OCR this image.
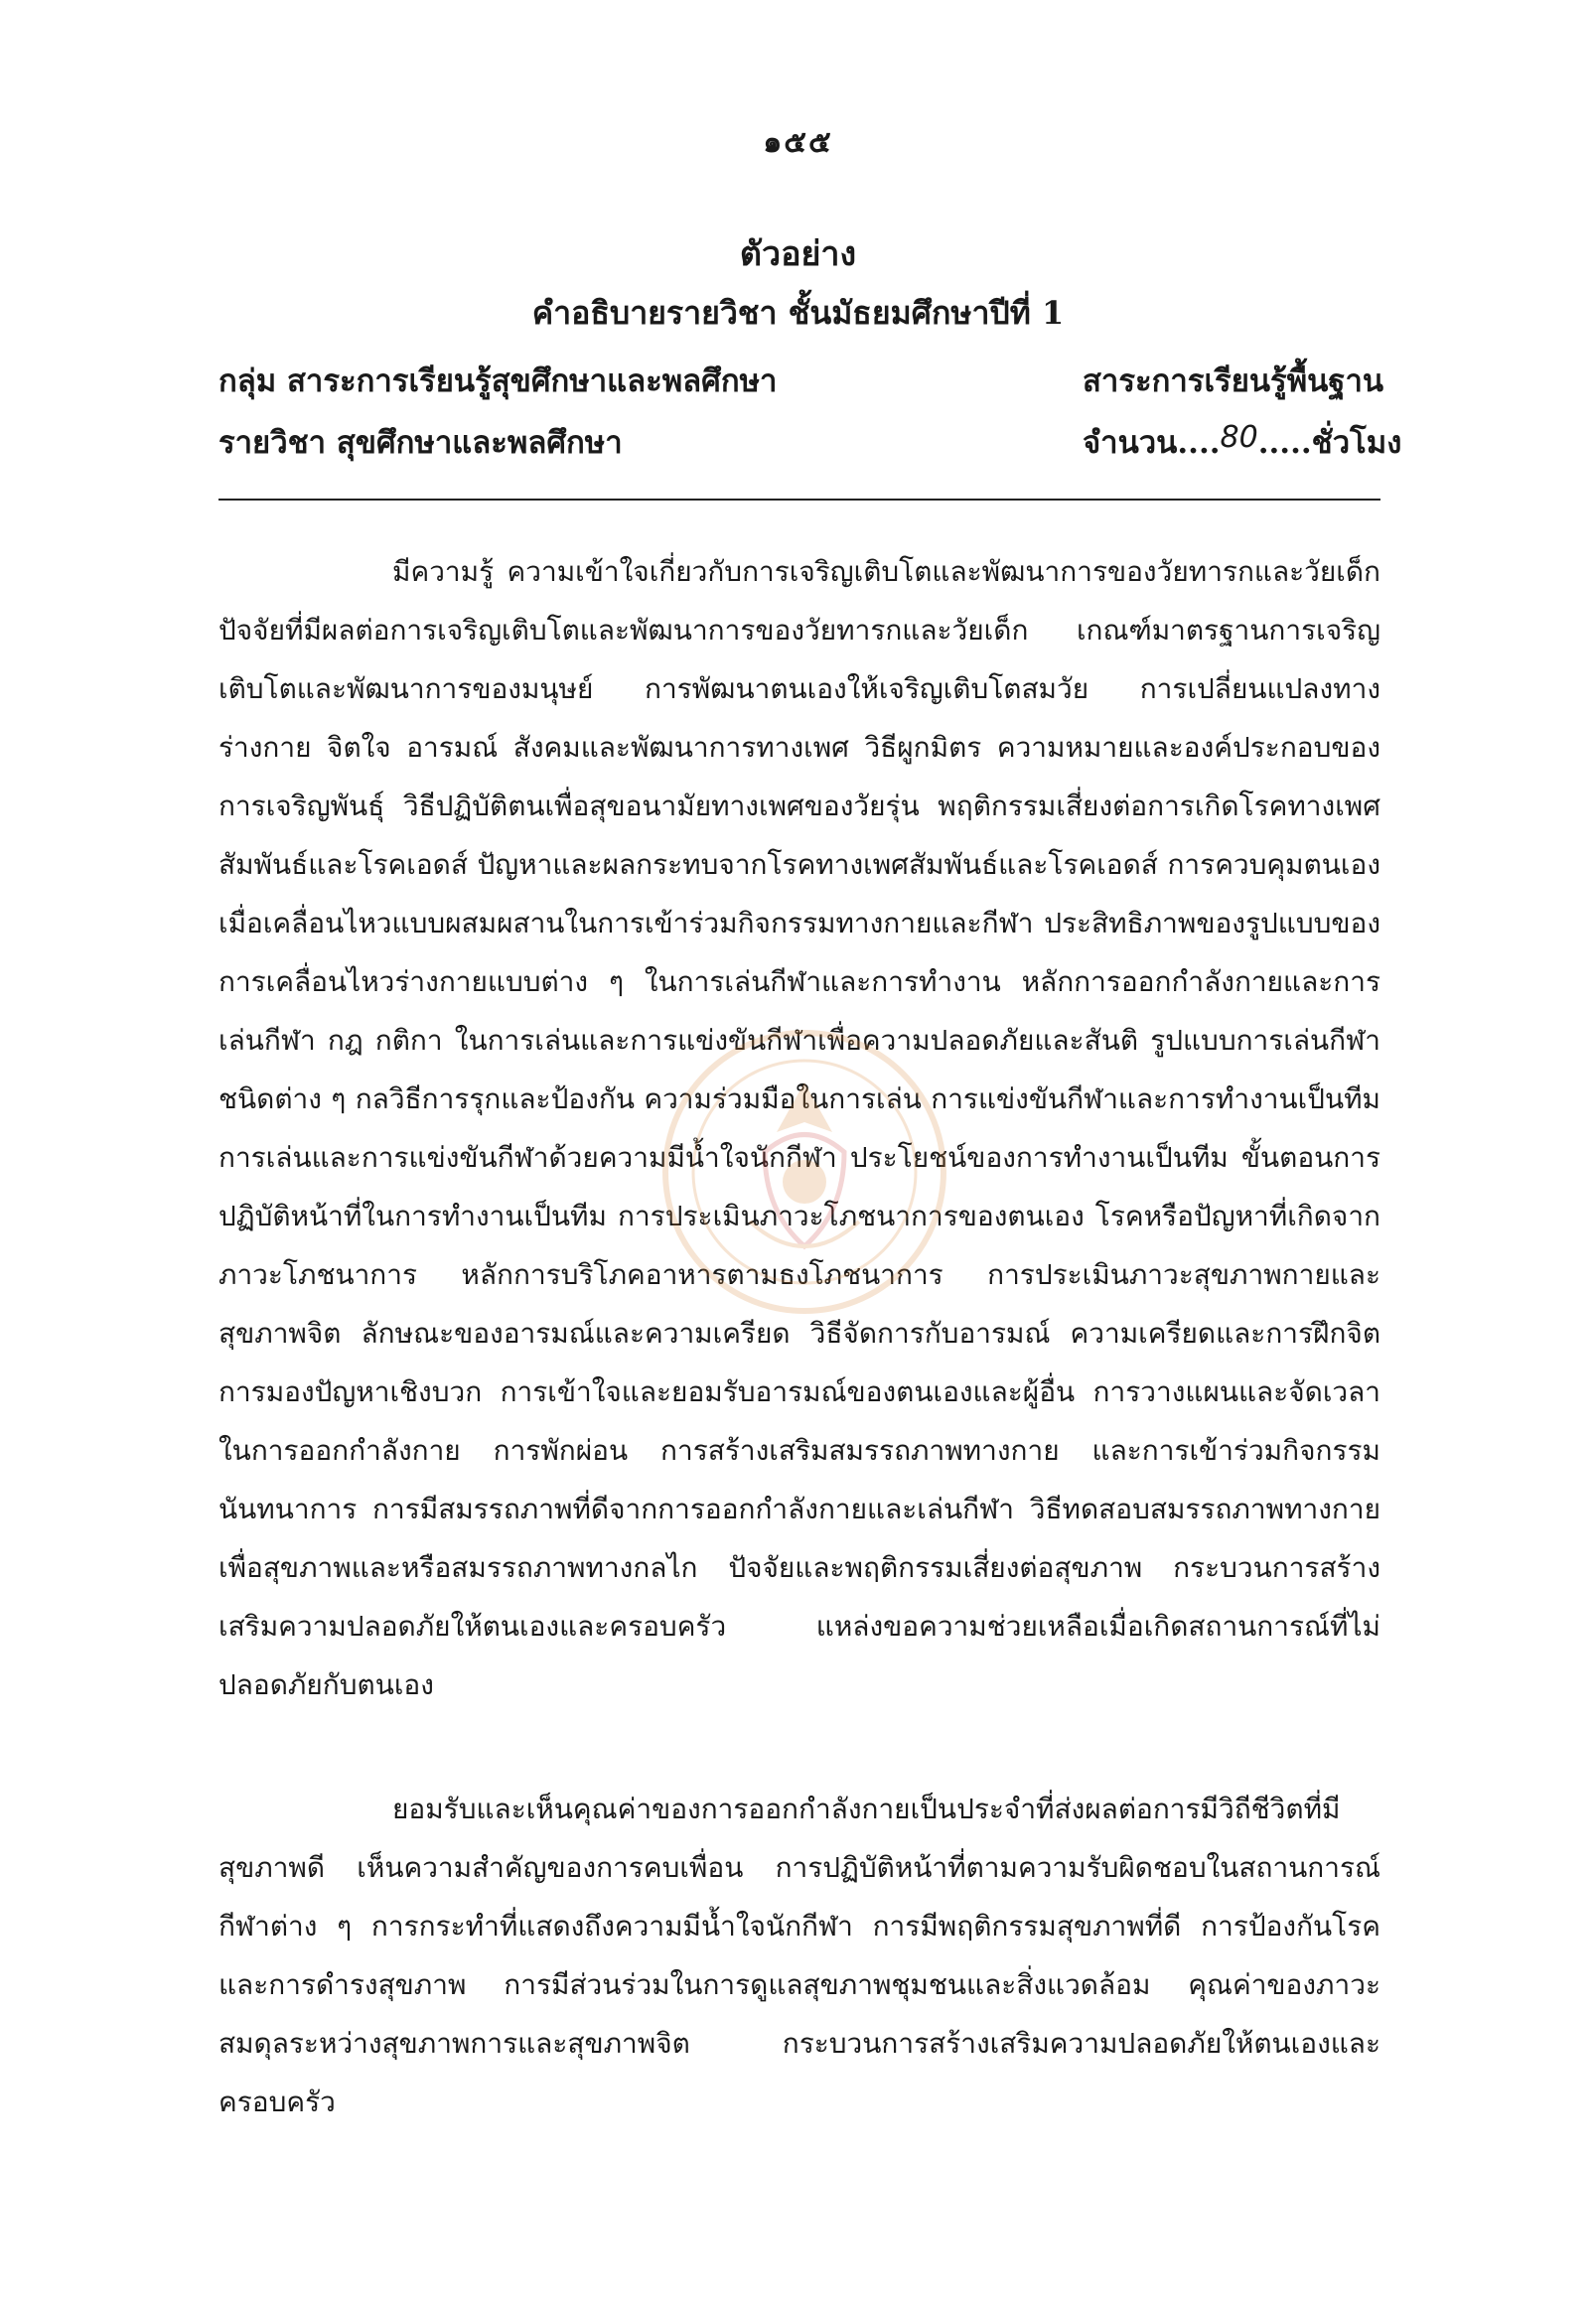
๑๕๕
ตัวอย่าง
คำอธิบายรายวิชา ชั้นมัธยมศึกษาปีที่ 1
กลุ่ม สาระการเรียนรู้สุขศึกษาและพลศึกษา	สาระการเรียนรู้พื้นฐาน
รายวิชา สุขศึกษาและพลศึกษา	จำนวน....80.....ชั่วโมง

มีความรู้ ความเข้าใจเกี่ยวกับการเจริญเติบโตและพัฒนาการของวัยทารกและวัยเด็ก ปัจจัยที่มีผลต่อการเจริญเติบโตและพัฒนาการของวัยทารกและวัยเด็ก เกณฑ์มาตรฐานการเจริญเติบโตและพัฒนาการของมนุษย์ การพัฒนาตนเองให้เจริญเติบโตสมวัย การเปลี่ยนแปลงทางร่างกาย จิตใจ อารมณ์ สังคมและพัฒนาการทางเพศ วิธีผูกมิตร ความหมายและองค์ประกอบของการเจริญพันธุ์ วิธีปฏิบัติตนเพื่อสุขอนามัยทางเพศของวัยรุ่น พฤติกรรมเสี่ยงต่อการเกิดโรคทางเพศสัมพันธ์และโรคเอดส์ ปัญหาและผลกระทบจากโรคทางเพศสัมพันธ์และโรคเอดส์ การควบคุมตนเองเมื่อเคลื่อนไหวแบบผสมผสานในการเข้าร่วมกิจกรรมทางกายและกีฬา ประสิทธิภาพของรูปแบบของการเคลื่อนไหวร่างกายแบบต่าง ๆ ในการเล่นกีฬาและการทำงาน หลักการออกกำลังกายและการเล่นกีฬา กฎ กติกา ในการเล่นและการแข่งขันกีฬาเพื่อความปลอดภัยและสันติ รูปแบบการเล่นกีฬาชนิดต่าง ๆ กลวิธีการรุกและป้องกัน ความร่วมมือในการเล่น การแข่งขันกีฬาและการทำงานเป็นทีม การเล่นและการแข่งขันกีฬาด้วยความมีน้ำใจนักกีฬา ประโยชน์ของการทำงานเป็นทีม ขั้นตอนการปฏิบัติหน้าที่ในการทำงานเป็นทีม การประเมินภาวะโภชนาการของตนเอง โรคหรือปัญหาที่เกิดจากภาวะโภชนาการ หลักการบริโภคอาหารตามธงโภชนาการ การประเมินภาวะสุขภาพกายและสุขภาพจิต ลักษณะของอารมณ์และความเครียด วิธีจัดการกับอารมณ์ ความเครียดและการฝึกจิต การมองปัญหาเชิงบวก การเข้าใจและยอมรับอารมณ์ของตนเองและผู้อื่น การวางแผนและจัดเวลาในการออกกำลังกาย การพักผ่อน การสร้างเสริมสมรรถภาพทางกาย และการเข้าร่วมกิจกรรมนันทนาการ การมีสมรรถภาพที่ดีจากการออกกำลังกายและเล่นกีฬา วิธีทดสอบสมรรถภาพทางกาย เพื่อสุขภาพและหรือสมรรถภาพทางกลไก ปัจจัยและพฤติกรรมเสี่ยงต่อสุขภาพ กระบวนการสร้างเสริมความปลอดภัยให้ตนเองและครอบครัว แหล่งขอความช่วยเหลือเมื่อเกิดสถานการณ์ที่ไม่ปลอดภัยกับตนเอง

ยอมรับและเห็นคุณค่าของการออกกำลังกายเป็นประจำที่ส่งผลต่อการมีวิถีชีวิตที่มีสุขภาพดี เห็นความสำคัญของการคบเพื่อน การปฏิบัติหน้าที่ตามความรับผิดชอบในสถานการณ์กีฬาต่าง ๆ การกระทำที่แสดงถึงความมีน้ำใจนักกีฬา การมีพฤติกรรมสุขภาพที่ดี การป้องกันโรคและการดำรงสุขภาพ การมีส่วนร่วมในการดูแลสุขภาพชุมชนและสิ่งแวดล้อม คุณค่าของภาวะสมดุลระหว่างสุขภาพการและสุขภาพจิต กระบวนการสร้างเสริมความปลอดภัยให้ตนเองและครอบครัว
